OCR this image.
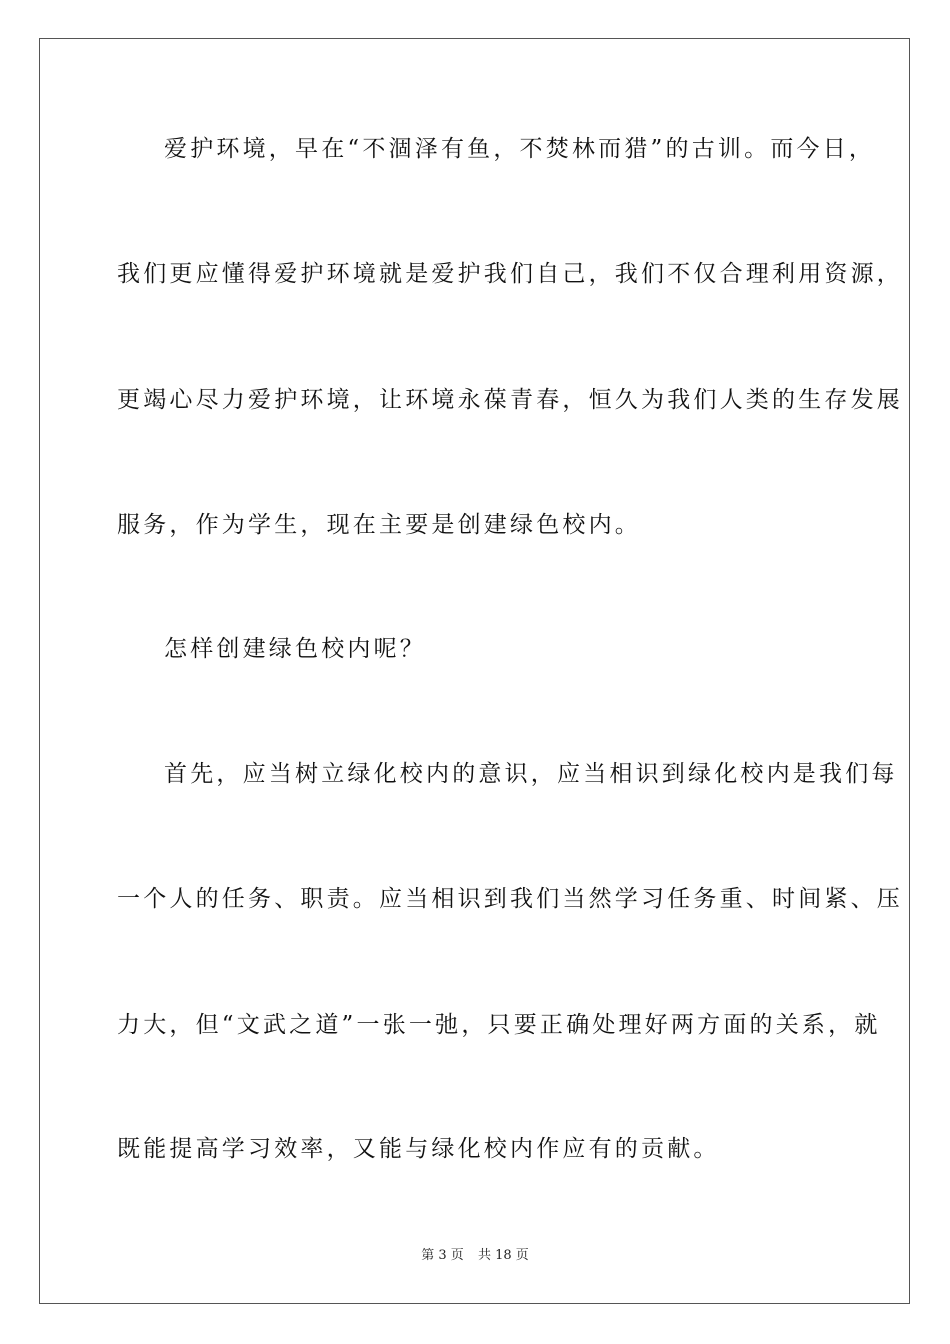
爱护环境，早在“不涸泽有鱼，不焚林而猎”的古训。而今日，
我们更应懂得爱护环境就是爱护我们自己，我们不仅合理利用资源，
更竭心尽力爱护环境，让环境永葆青春，恒久为我们人类的生存发展
服务，作为学生，现在主要是创建绿色校内。
怎样创建绿色校内呢？
首先，应当树立绿化校内的意识，应当相识到绿化校内是我们每
一个人的任务、职责。应当相识到我们当然学习任务重、时间紧、压
力大，但“文武之道”一张一弛，只要正确处理好两方面的关系，就
既能提高学习效率，又能与绿化校内作应有的贡献。
第 3 页 共 18 页
